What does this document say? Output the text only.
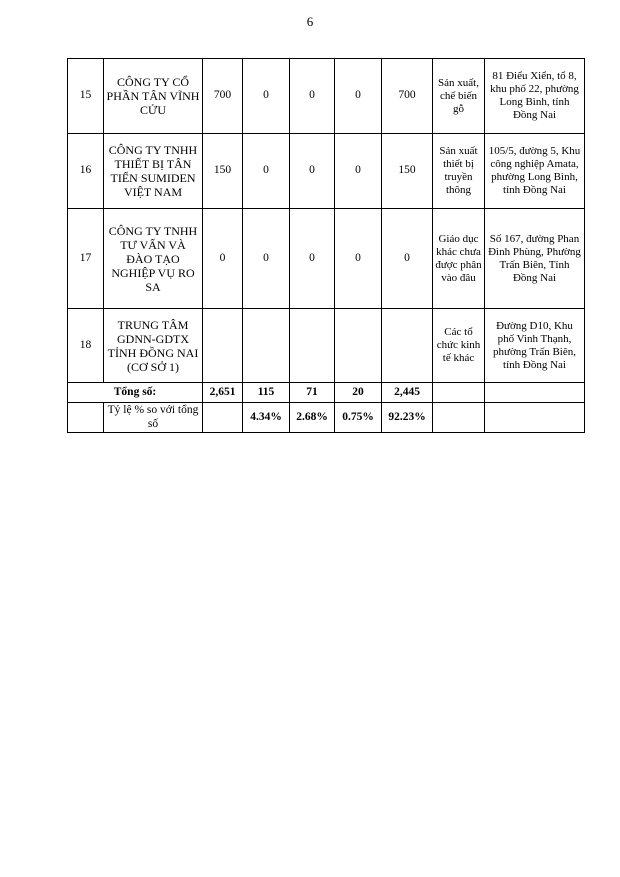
6
15	CÔNG TY CỔ PHẦN TÂN VĨNH CỬU	700	0	0	0	700	Sản xuất, chế biến gỗ	81 Điểu Xiển, tổ 8, khu phố 22, phường Long Bình, tỉnh Đồng Nai
16	CÔNG TY TNHH THIẾT BỊ TÂN TIẾN SUMIDEN VIỆT NAM	150	0	0	0	150	Sản xuất thiết bị truyền thông	105/5, đường 5, Khu công nghiệp Amata, phường Long Bình, tỉnh Đồng Nai
17	CÔNG TY TNHH TƯ VẤN VÀ ĐÀO TẠO NGHIỆP VỤ RO SA	0	0	0	0	0	Giáo dục khác chưa được phân vào đâu	Số 167, đường Phan Đình Phùng, Phường Trấn Biên, Tỉnh Đồng Nai
18	TRUNG TÂM GDNN-GDTX TỈNH ĐỒNG NAI (CƠ SỞ 1)						Các tổ chức kinh tế khác	Đường D10, Khu phố Vinh Thạnh, phường Trấn Biên, tỉnh Đồng Nai
Tổng số:		2,651	115	71	20	2,445		
	Tỷ lệ % so với tổng số		4.34%	2.68%	0.75%	92.23%		
